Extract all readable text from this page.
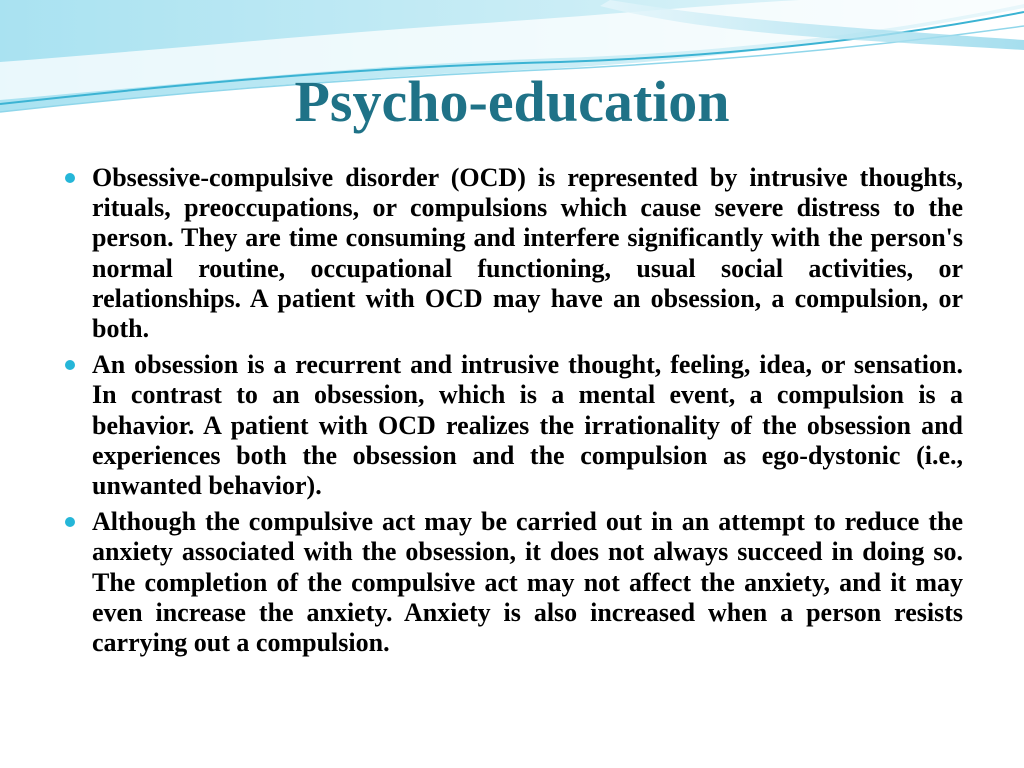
Psycho-education
Obsessive-compulsive disorder (OCD) is represented by intrusive thoughts, rituals, preoccupations, or compulsions which cause severe distress to the person. They are time consuming and interfere significantly with the person's normal routine, occupational functioning, usual social activities, or relationships. A patient with OCD may have an obsession, a compulsion, or both.
An obsession is a recurrent and intrusive thought, feeling, idea, or sensation. In contrast to an obsession, which is a mental event, a compulsion is a behavior. A patient with OCD realizes the irrationality of the obsession and experiences both the obsession and the compulsion as ego-dystonic (i.e., unwanted behavior).
Although the compulsive act may be carried out in an attempt to reduce the anxiety associated with the obsession, it does not always succeed in doing so. The completion of the compulsive act may not affect the anxiety, and it may even increase the anxiety. Anxiety is also increased when a person resists carrying out a compulsion.
